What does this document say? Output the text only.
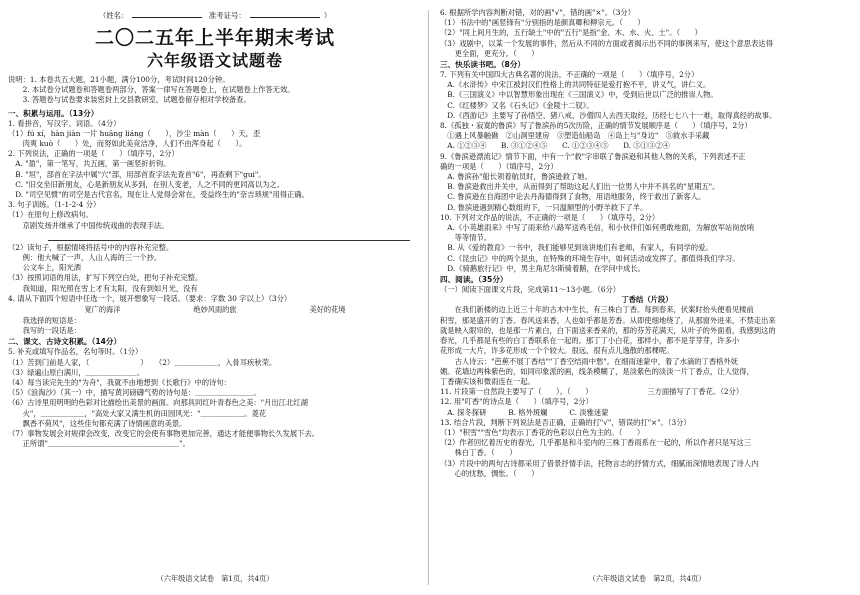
（姓名：	准考证号：	）
二〇二五年上半年期末考试
六年级语文试题卷

说明：1. 本卷共五大题，21小题，满分100分，考试时间120分钟。

　　2. 本试卷分试题卷和答题卷两部分，答案一律写在答题卷上，在试题卷上作答无效。

　　3. 答题卷与试卷要求装密封上交县教研室，试题卷留存相对学校备查。

一、积累与运用。（13分）

1. 看拼音，写汉字、词语。（4分）

（1）fú xí，hàn jiàn 一片 huāng liáng（　　），沙尘 màn（　　）天，歪

　　肉爽 kuò（　　）处，而努如此美竞洁净，人们不由浑身起（　　）。

2. 下列说法，正确的一项是（　　）（填序号，2分）

　A. "盈"，第一笔写，共五画，第一画竖折折钩。

　B. "垣"，部首在字法中属"穴"部，用部首查字法先查首"6"，再查剩下"gui"。

　C. "旧交坐旧新朋友，心是新朋友从多到，在别人变老，人之不同的更同高以为之。

　D. "司空见惯"的司空是古代官名，现在让人觉得会常在，受益终生的"奈吉琐规"用得正确。

3. 句子训练。（1-1-2-4 分）

（1）在原句上修改病句。

　　京剧发扬并继承了中国传统戏曲的表现手法。

（2）读句子，根据情境将括号中的内容补充完整。

　　例：他大喊了一声，人山人海的三一个抄。

　　公文车上，阳光洒

（3）按照词语的用法，扩写下列空白处，把句子补充完整。

　　我知道，阳光照在雪上才有太阳，没有到如月光，没有

4. 请从下面四个短语中任选一个，展开想象写一段话。（要求：字数 30 字以上）（3分）

宽广的海洋	绝妙风雨的旅	美好的花境

　　我选择的短语是：

　　我写的一段话是：

二、课文、古诗文积累。（14分）

5. 补充或填写作品名，名句等时。（1分）

（1）苦到门前是人家，（　　　　　　　）　　（2）＿＿＿＿＿＿，入骨耳疾秋荣。

（3）绿遍山原白满川，＿＿＿＿＿＿＿。

（4）每当读完先生的"为舟"，我就不由地想到《长歌行》中的诗句：

（5）《浪淘沙》（其一）中，描写黄河磅礴气势的诗句是：＿＿＿＿＿＿＿＿。

（6）古诗里用明明的色彩对比描绘出美景的画面。向那具同红叶青春色之美："月出江北红湖

　　火"，＿＿＿＿＿＿，"高处大家又满生机的田园风光："＿＿＿＿＿＿。菱花

　　飘香不荷风"，这些佳句都充满了诗情画意的美景。

（7）事物发展会对规律会改变，改变它的会使有事物更加完善，通达才能便事物长久发展下去。

　　正所谓"＿＿＿＿＿＿＿＿＿＿＿＿＿＿＿＿＿＿"。

（六年级语文试卷　第1页，共4页）

6. 根据所学内容判断对错，对的画"√"，错的画"×"。（3分）

（1）书法中的"画竖锋有"分别指的是颜真卿和柳宗元。（　　）

（2）"同上间月生的，五行缺土"中的"五行"是指"金、木、水、火、土"。（　　）

（3）戏剧中，以某一个发展的事件，然后从不同的方面或者揭示出不同的事例来写，使这个意思表达得

　　更全面，更充分。（　　）

三、快乐读书吧。（8分）

7. 下列有关中国四大古典名著的说法，不正确的一项是（　　）（填序号，2分）

　A.《水浒传》中宋江被封汉们性格上的共同特征是爱打抱不平，讲义气，讲仁义。

　B.《三国演义》中以智慧形象出现在《三国演义》中，受到后世以广泛的推崇人物。

　C.《红楼梦》又名《石头记》《金陵十二钗》。

　D.《西游记》主要写了孙悟空、猪八戒、沙僧四人去西天取经，历经七七八十一难，取得真经的故事。

8.《孤独・寂寞的鲁滨》写了鲁滨孙的5次历险，正确的情节发展顺序是（　　）（填序号，2分）

　①遇上风暴触礁　②山洞里建房　③塑造仙船岛　④岛上与"身边"　⑤救水手采藏

　A. ①②③④　　B. ③①②④⑤　　C. ①②③④⑤　　D. ⑤①③②④

9.《鲁滨逊漂流记》情节下面，中有一个"救"字串联了鲁滨逊和其他人物的关系，下列表述不正

确的一项是（　　）（填序号，2分）

　A. 鲁滨孙"船长领着航员时，鲁滨逊救了她。

　B. 鲁滨逊救出并关中，从而得到了帮助这起人们出一位男人中并不具名的"星期五"。

　C. 鲁滨逊在自海团中论去丹海德得到了食物，用语地服务，终于救出了新客人。

　D. 鲁滨逊遇到精心数组的下，一只温顺型的小野羊救下了羊。

10. 下列对文作品的说法，不正确的一项是（　　）（填序号，2分）

　A.《小英雄雨来》中写了雨来给八路军送鸡毛信，和小伙伴们如何勇敢地面，为解放军站岗放哨

　　等等情节。

　B. 从《爱的教育》一书中，我们能够见到该讲地们有老师，有家人，有同学的爱。

　C.《昆虫记》中的两个昆虫，在特殊的环境生存中，如何活动或发挥了，都值得我们学习。

　D.《骑鹅旅行记》中，男主角尼尔斯骑着鹅，在学问中成长。

四、阅读。（35分）

（一）阅读下面课文片段，完成第11～13小题。（6分）

丁香结（片段）

　　在我们新楼的边上近三十年的古木中生长，有三株白丁香。每到春来，伏案时抬头便看见楼前

积雪，那是盛开的丁香。春风送来香，人也如乎都是芳香。从即使细地绕了，从那窗外进来，不禁走出来

就是映入眼帘的，也是那一片素白，白下面送来香来的，那的芬芳花满天，从叶子的外面看，我感到这的

春光，几乎都是有些的白丁香联系在一起的。那丁丁小白花，那样小，都不是芽芽芽，许多小

花形成一大片，许多花形成一个个较大。很远，很有点儿逸散的那棵呢。

　　古人诗云："芭蕉不展丁香结""丁香空结雨中愁"。在细雨迷蒙中，着了水滴的丁香格外妩

媚。花墙边两株紫色的，如同印象派的画，线条模糊了，是淡紫色的淡淡一片丁香点，让人觉得，

丁香确实该和微雨连在一起。

11. 片段第一自然段主要写了（　　）。（　　）　　　　　　　　三方面描写了丁香花。（2分）

12. 用"叮香"的诗点是（　　）（填序号，2分）

　A. 探冬探研　　　B. 格外斑斓　　　C. 淡雅迷蒙

13. 结合片段，判断下列说法是否正确，正确的打"√"，错误的打"×"。（3分）

（1）"积雪""雪色"均表示丁香花的色彩以白色为主的。（　　）

（2）作者回忆着历史的春光，几乎都是和斗室内的三株丁香雨系在一起的，所以作者只是写这三

　　株白丁香。（　　）

（3）片段中的两句古诗都采用了借景抒情手法，托物言志的抒情方式，细腻而深情地表现了诗人内

　　心的忧愁，惆怅。（　　）

（六年级语文试卷　第2页，共4页）
